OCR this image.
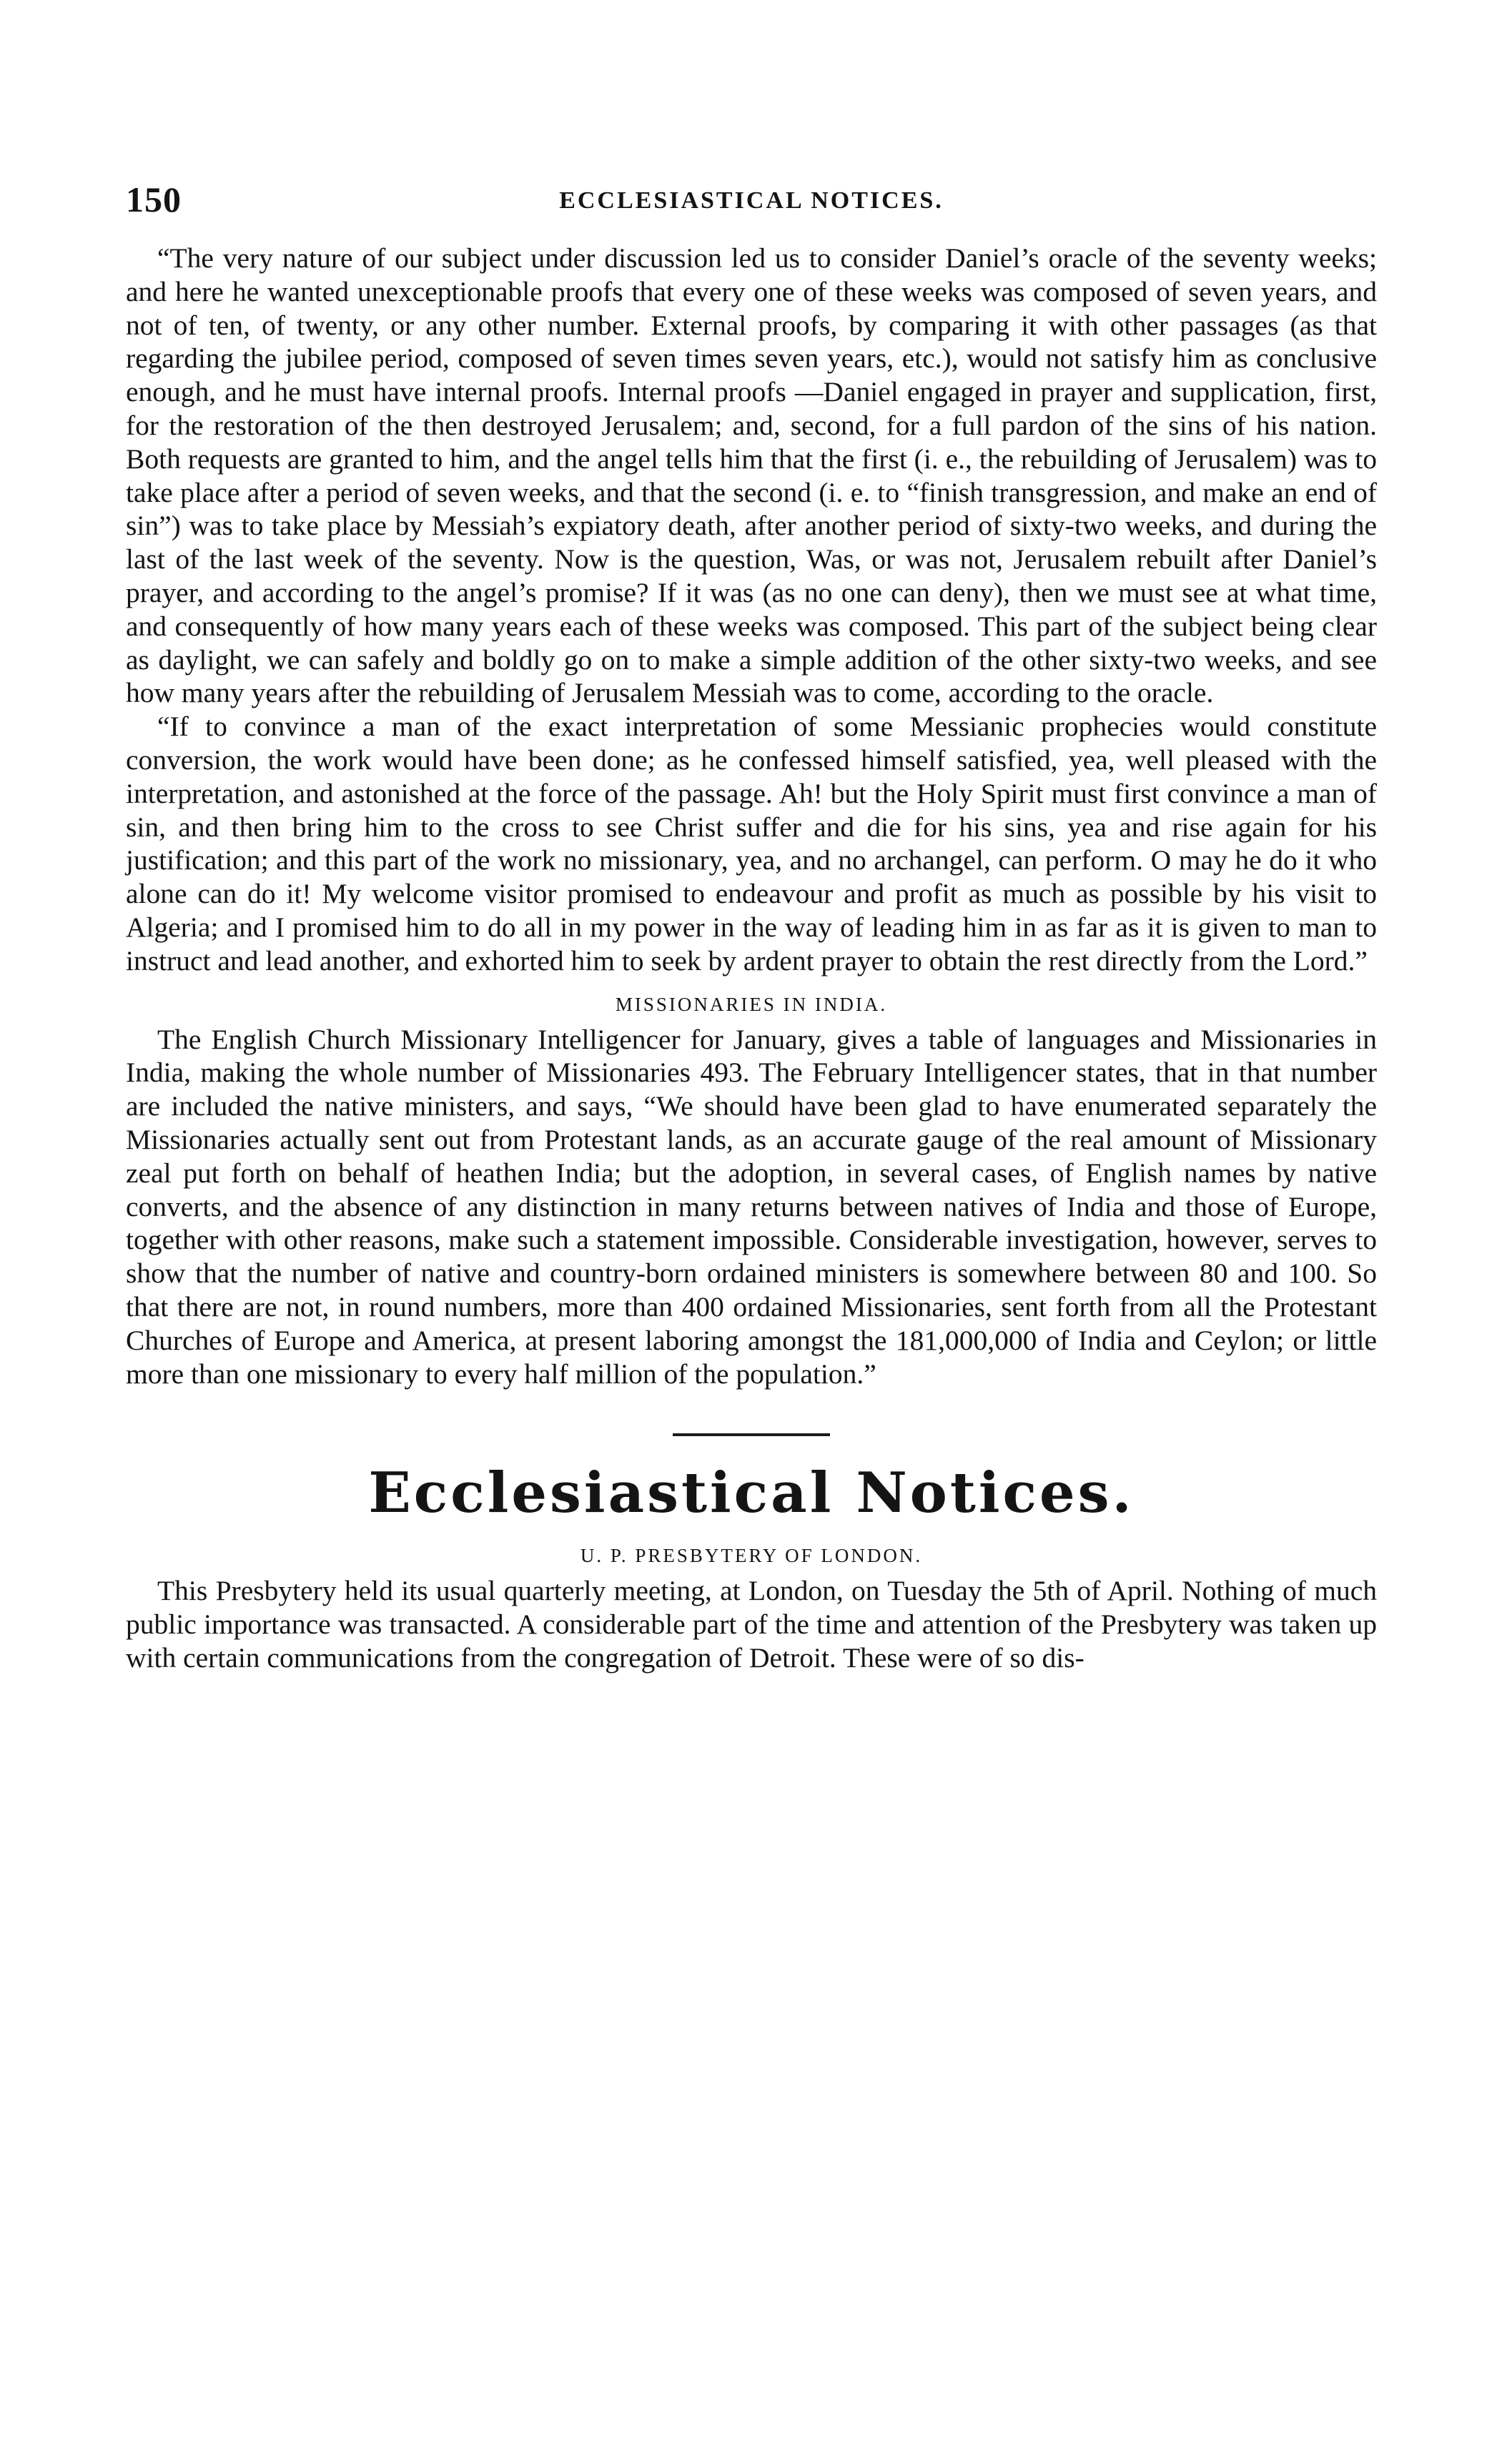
150	ECCLESIASTICAL NOTICES.

“The very nature of our subject under discussion led us to consider Daniel’s oracle of the seventy weeks; and here he wanted unexceptionable proofs that every one of these weeks was composed of seven years, and not of ten, of twenty, or any other number. External proofs, by comparing it with other passages (as that regarding the jubilee period, composed of seven times seven years, etc.), would not satisfy him as conclusive enough, and he must have internal proofs. Internal proofs —Daniel engaged in prayer and supplication, first, for the restoration of the then destroyed Jerusalem; and, second, for a full pardon of the sins of his nation. Both requests are granted to him, and the angel tells him that the first (i. e., the rebuilding of Jerusalem) was to take place after a period of seven weeks, and that the second (i. e. to “finish transgression, and make an end of sin”) was to take place by Messiah’s expiatory death, after another period of sixty-two weeks, and during the last of the last week of the seventy. Now is the question, Was, or was not, Jerusalem rebuilt after Daniel’s prayer, and according to the angel’s promise? If it was (as no one can deny), then we must see at what time, and consequently of how many years each of these weeks was composed. This part of the subject being clear as daylight, we can safely and boldly go on to make a simple addition of the other sixty-two weeks, and see how many years after the rebuilding of Jerusalem Messiah was to come, according to the oracle.

“If to convince a man of the exact interpretation of some Messianic prophecies would constitute conversion, the work would have been done; as he confessed himself satisfied, yea, well pleased with the interpretation, and astonished at the force of the passage. Ah! but the Holy Spirit must first convince a man of sin, and then bring him to the cross to see Christ suffer and die for his sins, yea and rise again for his justification; and this part of the work no missionary, yea, and no archangel, can perform. O may he do it who alone can do it! My welcome visitor promised to endeavour and profit as much as possible by his visit to Algeria; and I promised him to do all in my power in the way of leading him in as far as it is given to man to instruct and lead another, and exhorted him to seek by ardent prayer to obtain the rest directly from the Lord.”

MISSIONARIES IN INDIA.

The English Church Missionary Intelligencer for January, gives a table of languages and Missionaries in India, making the whole number of Missionaries 493. The February Intelligencer states, that in that number are included the native ministers, and says, “We should have been glad to have enumerated separately the Missionaries actually sent out from Protestant lands, as an accurate gauge of the real amount of Missionary zeal put forth on behalf of heathen India; but the adoption, in several cases, of English names by native converts, and the absence of any distinction in many returns between natives of India and those of Europe, together with other reasons, make such a statement impossible. Considerable investigation, however, serves to show that the number of native and country-born ordained ministers is somewhere between 80 and 100. So that there are not, in round numbers, more than 400 ordained Missionaries, sent forth from all the Protestant Churches of Europe and America, at present laboring amongst the 181,000,000 of India and Ceylon; or little more than one missionary to every half million of the population.”

Ecclesiastical Notices.
U. P. PRESBYTERY OF LONDON.

This Presbytery held its usual quarterly meeting, at London, on Tuesday the 5th of April. Nothing of much public importance was transacted. A considerable part of the time and attention of the Presbytery was taken up with certain communications from the congregation of Detroit. These were of so dis-
